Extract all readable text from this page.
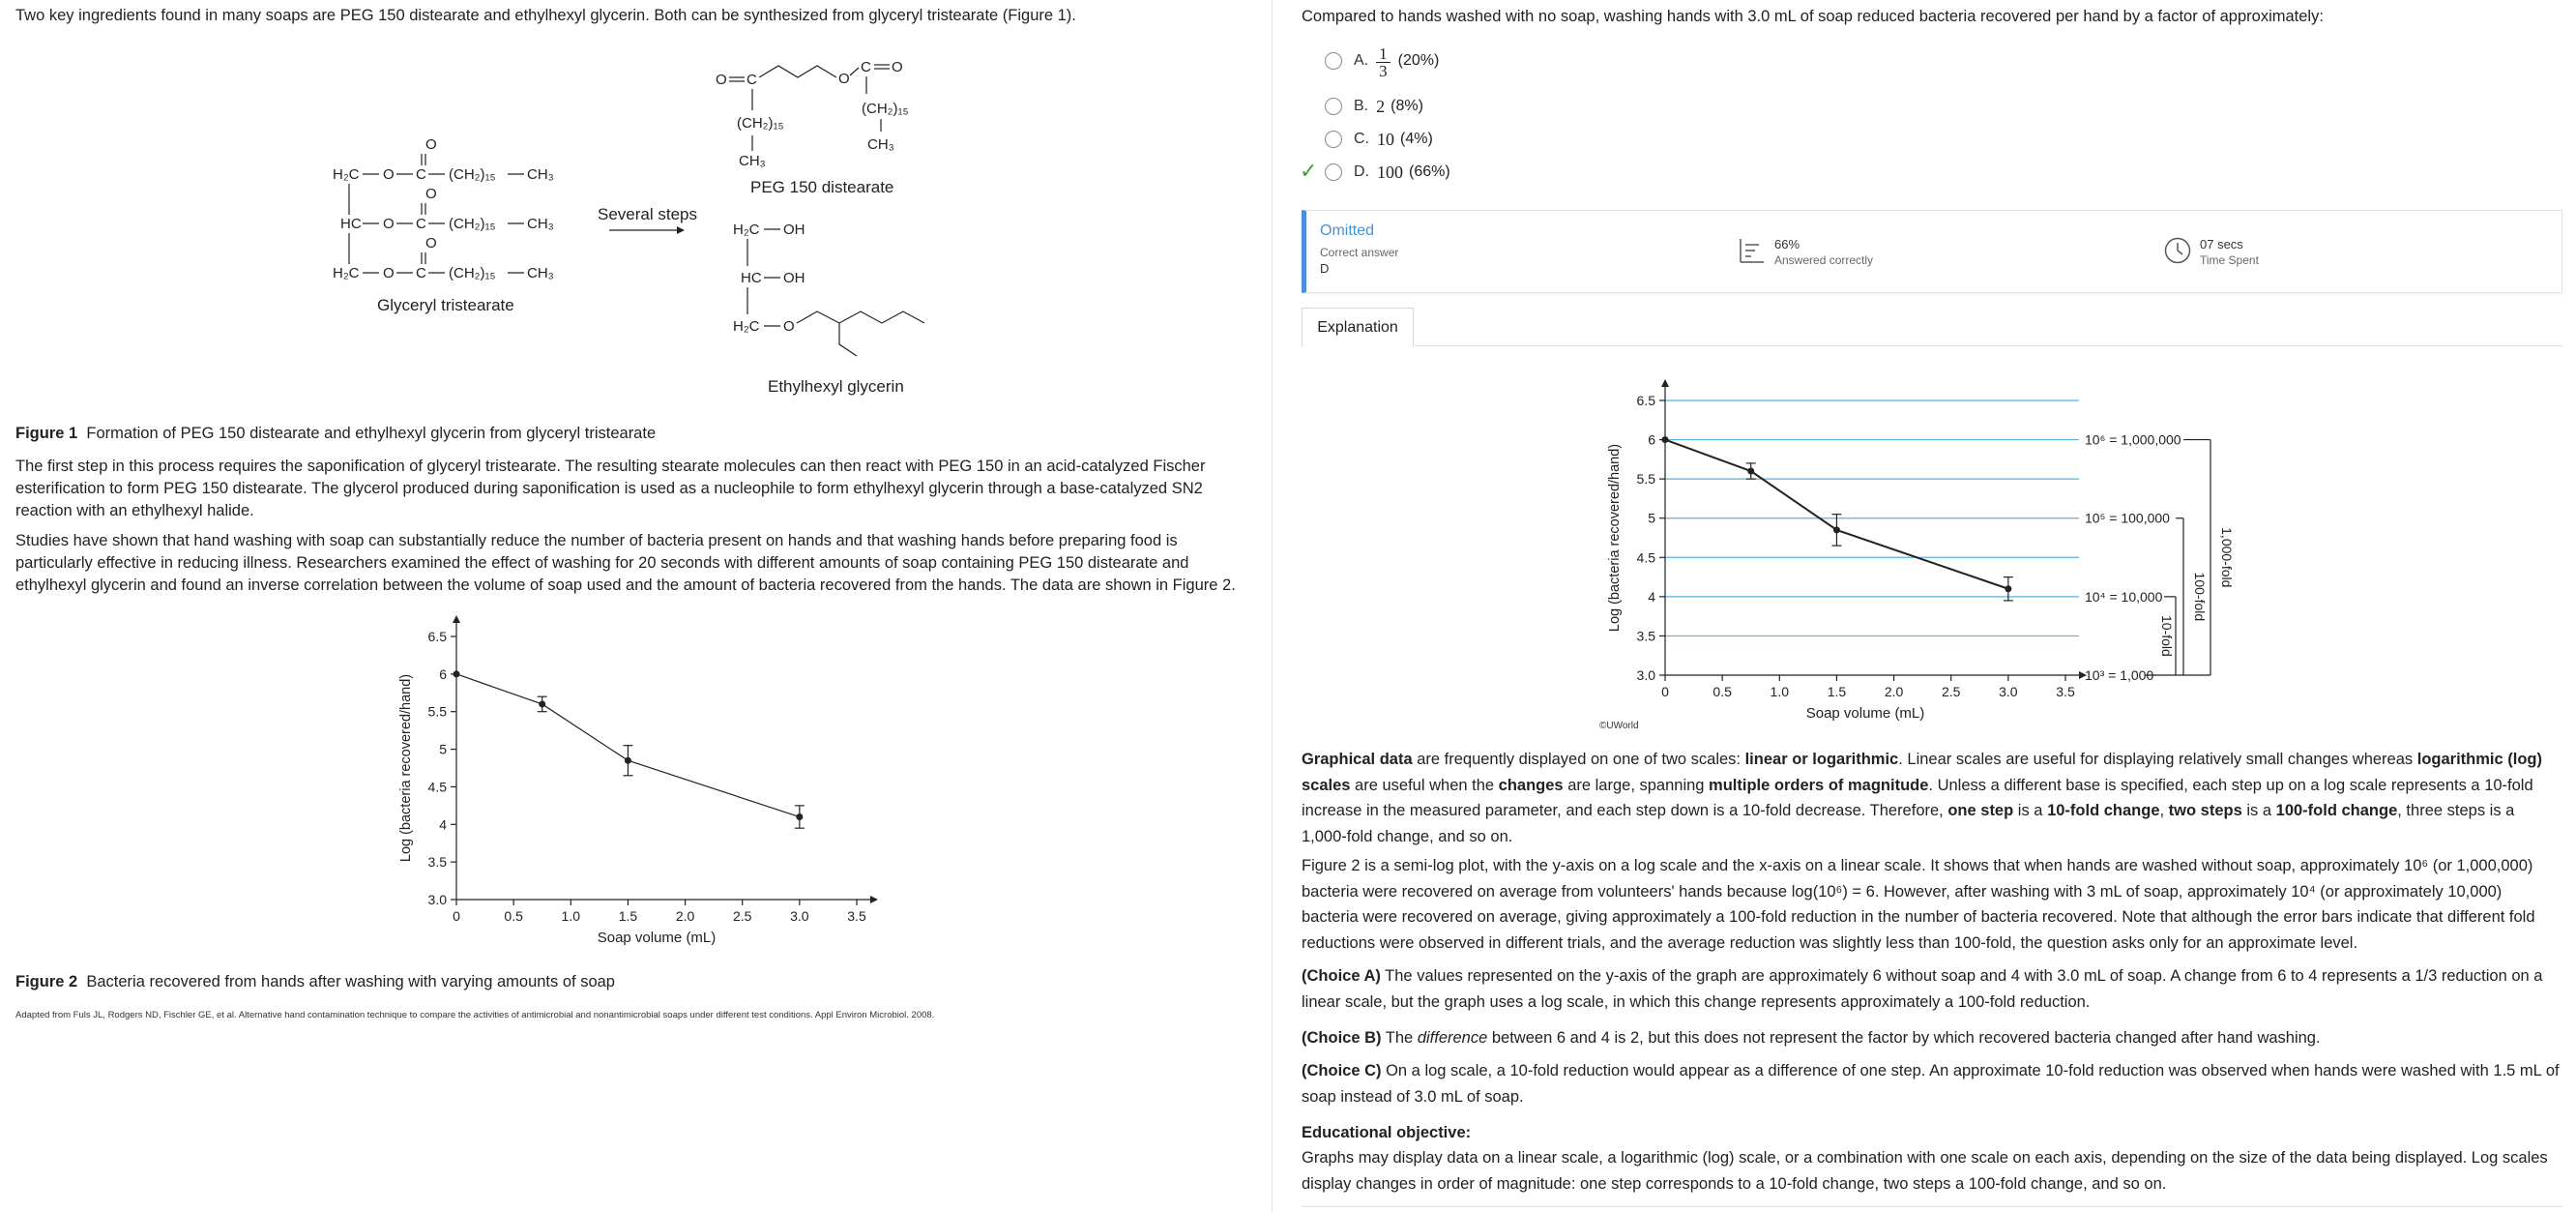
Two key ingredients found in many soaps are PEG 150 distearate and ethylhexyl glycerin. Both can be synthesized from glyceryl tristearate (Figure 1).

H₂C O C
O
(CH₂)₁₅ CH₃
HC O C
O
(CH₂)₁₅ CH₃
H₂C O C
O
(CH₂)₁₅ CH₃
Glyceryl tristearate
Several steps
O C	O
C O
(CH₂)₁₅
CH₃
(CH₂)₁₅
CH₃
PEG 150 distearate
H₂C OH
HC OH
H₂C O
Ethylhexyl glycerin

Figure 1 Formation of PEG 150 distearate and ethylhexyl glycerin from glyceryl tristearate

The first step in this process requires the saponification of glyceryl tristearate. The resulting stearate molecules can then react with PEG 150 in an acid-catalyzed Fischer esterification to form PEG 150 distearate. The glycerol produced during saponification is used as a nucleophile to form ethylhexyl glycerin through a base-catalyzed SN2 reaction with an ethylhexyl halide.

Studies have shown that hand washing with soap can substantially reduce the number of bacteria present on hands and that washing hands before preparing food is particularly effective in reducing illness. Researchers examined the effect of washing for 20 seconds with different amounts of soap containing PEG 150 distearate and ethylhexyl glycerin and found an inverse correlation between the volume of soap used and the amount of bacteria recovered from the hands. The data are shown in Figure 2.

3.0
3.5
4
4.5
5
5.5
6
6.5
0	0.5	1.0	1.5	2.0	2.5	3.0	3.5
Soap volume (mL)
Log (bacteria recovered/hand)

Figure 2 Bacteria recovered from hands after washing with varying amounts of soap

Adapted from Fuls JL, Rodgers ND, Fischler GE, et al. Alternative hand contamination technique to compare the activities of antimicrobial and nonantimicrobial soaps under different test conditions. Appl Environ Microbiol. 2008.

Compared to hands washed with no soap, washing hands with 3.0 mL of soap reduced bacteria recovered per hand by a factor of approximately:

✓
A. 1
3
(20%)
B. 2 (8%)
C. 10 (4%)
D. 100 (66%)
Omitted
Correct answer
D
66%
Answered correctly
07 secs
Time Spent
Explanation
3.0
3.5
4
4.5
5
5.5
6
6.5
0	0.5	1.0	1.5	2.0	2.5	3.0	3.5
Soap volume (mL)
Log (bacteria recovered/hand)
10⁶ = 1,000,000
10⁵ = 100,000
10⁴ = 10,000
10³ = 1,000
10-fold
100-fold
1,000-fold
©UWorld

Graphical data are frequently displayed on one of two scales: linear or logarithmic. Linear scales are useful for displaying relatively small changes whereas logarithmic (log) scales are useful when the changes are large, spanning multiple orders of magnitude. Unless a different base is specified, each step up on a log scale represents a 10-fold increase in the measured parameter, and each step down is a 10-fold decrease. Therefore, one step is a 10-fold change, two steps is a 100-fold change, three steps is a 1,000-fold change, and so on.

Figure 2 is a semi-log plot, with the y-axis on a log scale and the x-axis on a linear scale. It shows that when hands are washed without soap, approximately 10⁶ (or 1,000,000) bacteria were recovered on average from volunteers' hands because log(10⁶) = 6. However, after washing with 3 mL of soap, approximately 10⁴ (or approximately 10,000) bacteria were recovered on average, giving approximately a 100-fold reduction in the number of bacteria recovered. Note that although the error bars indicate that different fold reductions were observed in different trials, and the average reduction was slightly less than 100-fold, the question asks only for an approximate level.

(Choice A) The values represented on the y-axis of the graph are approximately 6 without soap and 4 with 3.0 mL of soap. A change from 6 to 4 represents a 1/3 reduction on a linear scale, but the graph uses a log scale, in which this change represents approximately a 100-fold reduction.

(Choice B) The difference between 6 and 4 is 2, but this does not represent the factor by which recovered bacteria changed after hand washing.

(Choice C) On a log scale, a 10-fold reduction would appear as a difference of one step. An approximate 10-fold reduction was observed when hands were washed with 1.5 mL of soap instead of 3.0 mL of soap.

Educational objective:

Graphs may display data on a linear scale, a logarithmic (log) scale, or a combination with one scale on each axis, depending on the size of the data being displayed. Log scales display changes in order of magnitude: one step corresponds to a 10-fold change, two steps a 100-fold change, and so on.
